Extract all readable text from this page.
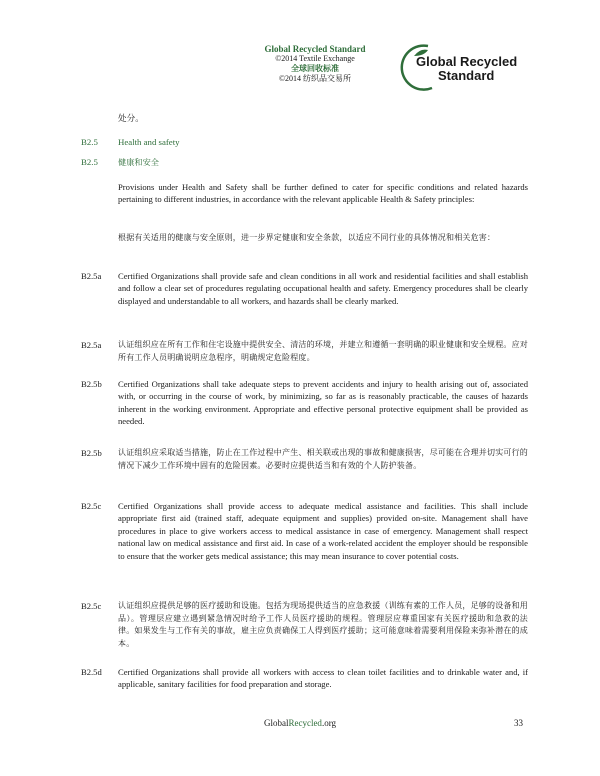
Global Recycled Standard
©2014 Textile Exchange
全球回收标准
©2014 纺织品交易所
Global Recycled
Standard
处分。
B2.5 Health and safety
B2.5 健康和安全
Provisions under Health and Safety shall be further defined to cater for specific conditions and related hazards pertaining to different industries, in accordance with the relevant applicable Health & Safety principles:
根据有关适用的健康与安全原则，进一步界定健康和安全条款，以适应不同行业的具体情况和相关危害：
B2.5a Certified Organizations shall provide safe and clean conditions in all work and residential facilities and shall establish and follow a clear set of procedures regulating occupational health and safety. Emergency procedures shall be clearly displayed and understandable to all workers, and hazards shall be clearly marked.
B2.5a 认证组织应在所有工作和住宅设施中提供安全、清洁的环境，并建立和遵循一套明确的职业健康和安全规程。应对所有工作人员明确说明应急程序，明确规定危险程度。
B2.5b Certified Organizations shall take adequate steps to prevent accidents and injury to health arising out of, associated with, or occurring in the course of work, by minimizing, so far as is reasonably practicable, the causes of hazards inherent in the working environment. Appropriate and effective personal protective equipment shall be provided as needed.
B2.5b 认证组织应采取适当措施，防止在工作过程中产生、相关联或出现的事故和健康损害，尽可能在合理并切实可行的情况下减少工作环境中固有的危险因素。必要时应提供适当和有效的个人防护装备。
B2.5c Certified Organizations shall provide access to adequate medical assistance and facilities. This shall include appropriate first aid (trained staff, adequate equipment and supplies) provided on-site. Management shall have procedures in place to give workers access to medical assistance in case of emergency. Management shall respect national law on medical assistance and first aid. In case of a work-related accident the employer should be responsible to ensure that the worker gets medical assistance; this may mean insurance to cover potential costs.
B2.5c 认证组织应提供足够的医疗援助和设施。包括为现场提供适当的应急救援（训练有素的工作人员，足够的设备和用品）。管理层应建立遇到紧急情况时给予工作人员医疗援助的规程。管理层应尊重国家有关医疗援助和急救的法律。如果发生与工作有关的事故，雇主应负责确保工人得到医疗援助；这可能意味着需要利用保险来弥补潜在的成本。
B2.5d Certified Organizations shall provide all workers with access to clean toilet facilities and to drinkable water and, if applicable, sanitary facilities for food preparation and storage.
GlobalRecycled.org	33
